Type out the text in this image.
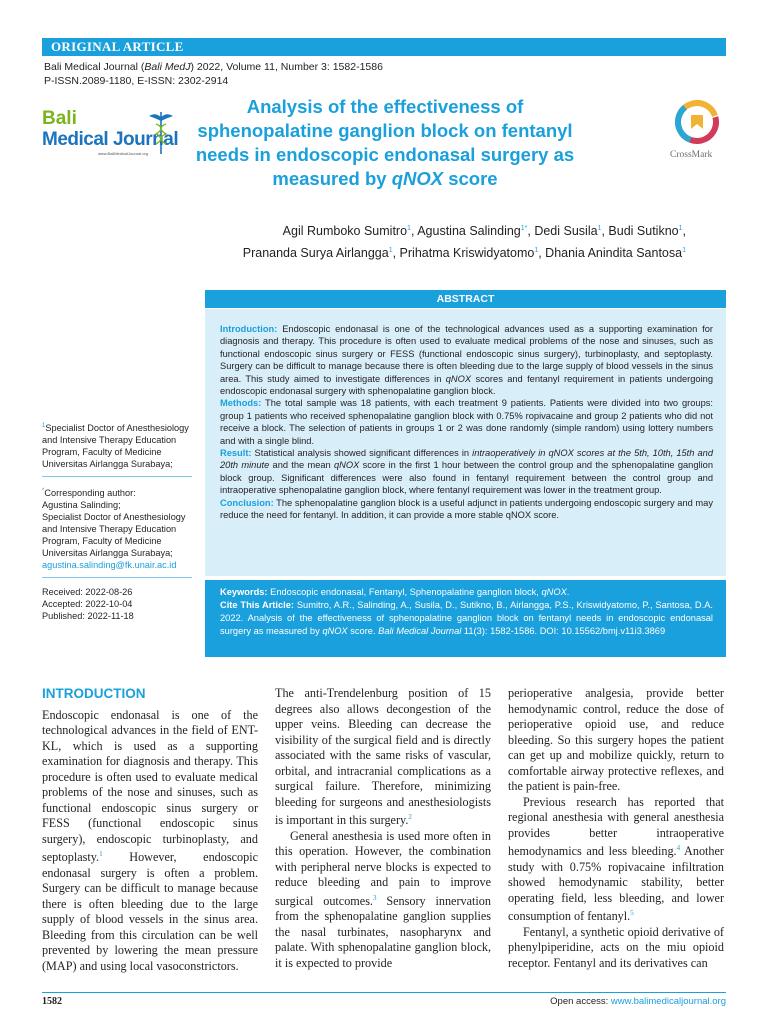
ORIGINAL ARTICLE
Bali Medical Journal (Bali MedJ) 2022, Volume 11, Number 3: 1582-1586
P-ISSN.2089-1180, E-ISSN: 2302-2914
Bali
Medical Journal
www.BaliMedicalJournal.org
Analysis of the effectiveness of sphenopalatine ganglion block on fentanyl needs in endoscopic endonasal surgery as measured by qNOX score
CrossMark
Agil Rumboko Sumitro$^1$, Agustina Salinding$^{1*}$, Dedi Susila$^1$, Budi Sutikno$^1$,
Prananda Surya Airlangga$^1$, Prihatma Kriswidyatomo$^1$, Dhania Anindita Santosa$^1$
$^1$Specialist Doctor of Anesthesiology and Intensive Therapy Education Program, Faculty of Medicine Universitas Airlangga Surabaya;
*Corresponding author:
Agustina Salinding;
Specialist Doctor of Anesthesiology and Intensive Therapy Education Program, Faculty of Medicine Universitas Airlangga Surabaya;
agustina.salinding@fk.unair.ac.id
Received: 2022-08-26
Accepted: 2022-10-04
Published: 2022-11-18
ABSTRACT

Introduction: Endoscopic endonasal is one of the technological advances used as a supporting examination for diagnosis and therapy. This procedure is often used to evaluate medical problems of the nose and sinuses, such as functional endoscopic sinus surgery or FESS (functional endoscopic sinus surgery), turbinoplasty, and septoplasty. Surgery can be difficult to manage because there is often bleeding due to the large supply of blood vessels in the sinus area. This study aimed to investigate differences in qNOX scores and fentanyl requirement in patients undergoing endoscopic endonasal surgery with sphenopalatine ganglion block.

Methods: The total sample was 18 patients, with each treatment 9 patients. Patients were divided into two groups: group 1 patients who received sphenopalatine ganglion block with 0.75% ropivacaine and group 2 patients who did not receive a block. The selection of patients in groups 1 or 2 was done randomly (simple random) using lottery numbers and with a single blind.

Result: Statistical analysis showed significant differences in intraoperatively in qNOX scores at the 5th, 10th, 15th and 20th minute and the mean qNOX score in the first 1 hour between the control group and the sphenopalatine ganglion block group. Significant differences were also found in fentanyl requirement between the control group and intraoperative sphenopalatine ganglion block, where fentanyl requirement was lower in the treatment group.

Conclusion: The sphenopalatine ganglion block is a useful adjunct in patients undergoing endoscopic surgery and may reduce the need for fentanyl. In addition, it can provide a more stable qNOX score.

Keywords: Endoscopic endonasal, Fentanyl, Sphenopalatine ganglion block, qNOX.

Cite This Article: Sumitro, A.R., Salinding, A., Susila, D., Sutikno, B., Airlangga, P.S., Kriswidyatomo, P., Santosa, D.A. 2022. Analysis of the effectiveness of sphenopalatine ganglion block on fentanyl needs in endoscopic endonasal surgery as measured by qNOX score. Bali Medical Journal 11(3): 1582-1586. DOI: 10.15562/bmj.v11i3.3869

INTRODUCTION

Endoscopic endonasal is one of the technological advances in the field of ENT-KL, which is used as a supporting examination for diagnosis and therapy. This procedure is often used to evaluate medical problems of the nose and sinuses, such as functional endoscopic sinus surgery or FESS (functional endoscopic sinus surgery), endoscopic turbinoplasty, and septoplasty.$^1$ However, endoscopic endonasal surgery is often a problem. Surgery can be difficult to manage because there is often bleeding due to the large supply of blood vessels in the sinus area. Bleeding from this circulation can be well prevented by lowering the mean pressure (MAP) and using local vasoconstrictors.

The anti-Trendelenburg position of 15 degrees also allows decongestion of the upper veins. Bleeding can decrease the visibility of the surgical field and is directly associated with the same risks of vascular, orbital, and intracranial complications as a surgical failure. Therefore, minimizing bleeding for surgeons and anesthesiologists is important in this surgery.$^2$

General anesthesia is used more often in this operation. However, the combination with peripheral nerve blocks is expected to reduce bleeding and pain to improve surgical outcomes.$^3$ Sensory innervation from the sphenopalatine ganglion supplies the nasal turbinates, nasopharynx and palate. With sphenopalatine ganglion block, it is expected to provide

perioperative analgesia, provide better hemodynamic control, reduce the dose of perioperative opioid use, and reduce bleeding. So this surgery hopes the patient can get up and mobilize quickly, return to comfortable airway protective reflexes, and the patient is pain-free.

Previous research has reported that regional anesthesia with general anesthesia provides better intraoperative hemodynamics and less bleeding.$^4$ Another study with 0.75% ropivacaine infiltration showed hemodynamic stability, better operating field, less bleeding, and lower consumption of fentanyl.$^5$

Fentanyl, a synthetic opioid derivative of phenylpiperidine, acts on the miu opioid receptor. Fentanyl and its derivatives can

1582	Open access: www.balimedicaljournal.org
